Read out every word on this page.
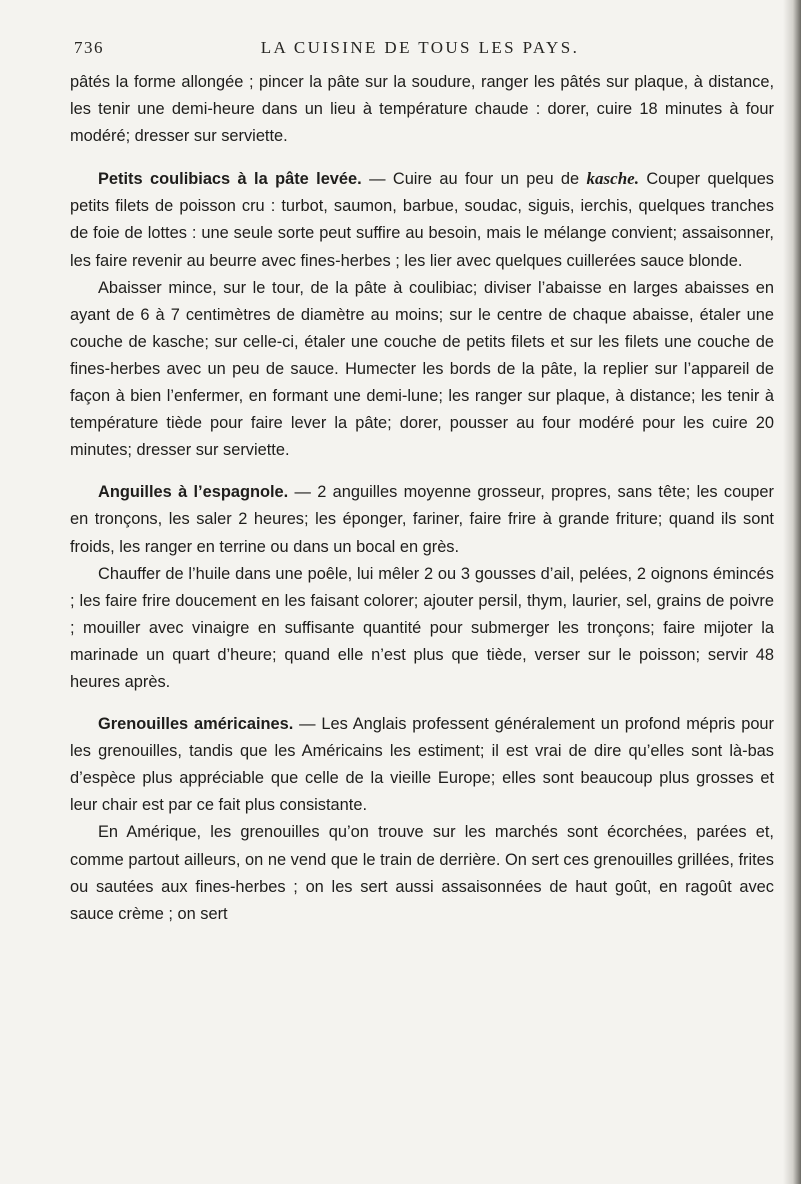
736	LA CUISINE DE TOUS LES PAYS.

pâtés la forme allongée ; pincer la pâte sur la soudure, ranger les pâtés sur plaque, à distance, les tenir une demi-heure dans un lieu à température chaude : dorer, cuire 18 minutes à four modéré; dresser sur serviette.

Petits coulibiacs à la pâte levée. — Cuire au four un peu de kasche. Couper quelques petits filets de poisson cru : turbot, saumon, barbue, soudac, siguis, ierchis, quelques tranches de foie de lottes : une seule sorte peut suffire au besoin, mais le mélange convient; assaisonner, les faire revenir au beurre avec fines-herbes ; les lier avec quelques cuillerées sauce blonde.

Abaisser mince, sur le tour, de la pâte à coulibiac; diviser l’abaisse en larges abaisses en ayant de 6 à 7 centimètres de diamètre au moins; sur le centre de chaque abaisse, étaler une couche de kasche; sur celle-ci, étaler une couche de petits filets et sur les filets une couche de fines-herbes avec un peu de sauce. Humecter les bords de la pâte, la replier sur l’appareil de façon à bien l’enfermer, en formant une demi-lune; les ranger sur plaque, à distance; les tenir à température tiède pour faire lever la pâte; dorer, pousser au four modéré pour les cuire 20 minutes; dresser sur serviette.

Anguilles à l’espagnole. — 2 anguilles moyenne grosseur, propres, sans tête; les couper en tronçons, les saler 2 heures; les éponger, fariner, faire frire à grande friture; quand ils sont froids, les ranger en terrine ou dans un bocal en grès.

Chauffer de l’huile dans une poêle, lui mêler 2 ou 3 gousses d’ail, pelées, 2 oignons émincés ; les faire frire doucement en les faisant colorer; ajouter persil, thym, laurier, sel, grains de poivre ; mouiller avec vinaigre en suffisante quantité pour submerger les tronçons; faire mijoter la marinade un quart d’heure; quand elle n’est plus que tiède, verser sur le poisson; servir 48 heures après.

Grenouilles américaines. — Les Anglais professent généralement un profond mépris pour les grenouilles, tandis que les Américains les estiment; il est vrai de dire qu’elles sont là-bas d’espèce plus appréciable que celle de la vieille Europe; elles sont beaucoup plus grosses et leur chair est par ce fait plus consistante.

En Amérique, les grenouilles qu’on trouve sur les marchés sont écorchées, parées et, comme partout ailleurs, on ne vend que le train de derrière. On sert ces grenouilles grillées, frites ou sautées aux fines-herbes ; on les sert aussi assaisonnées de haut goût, en ragoût avec sauce crème ; on sert
